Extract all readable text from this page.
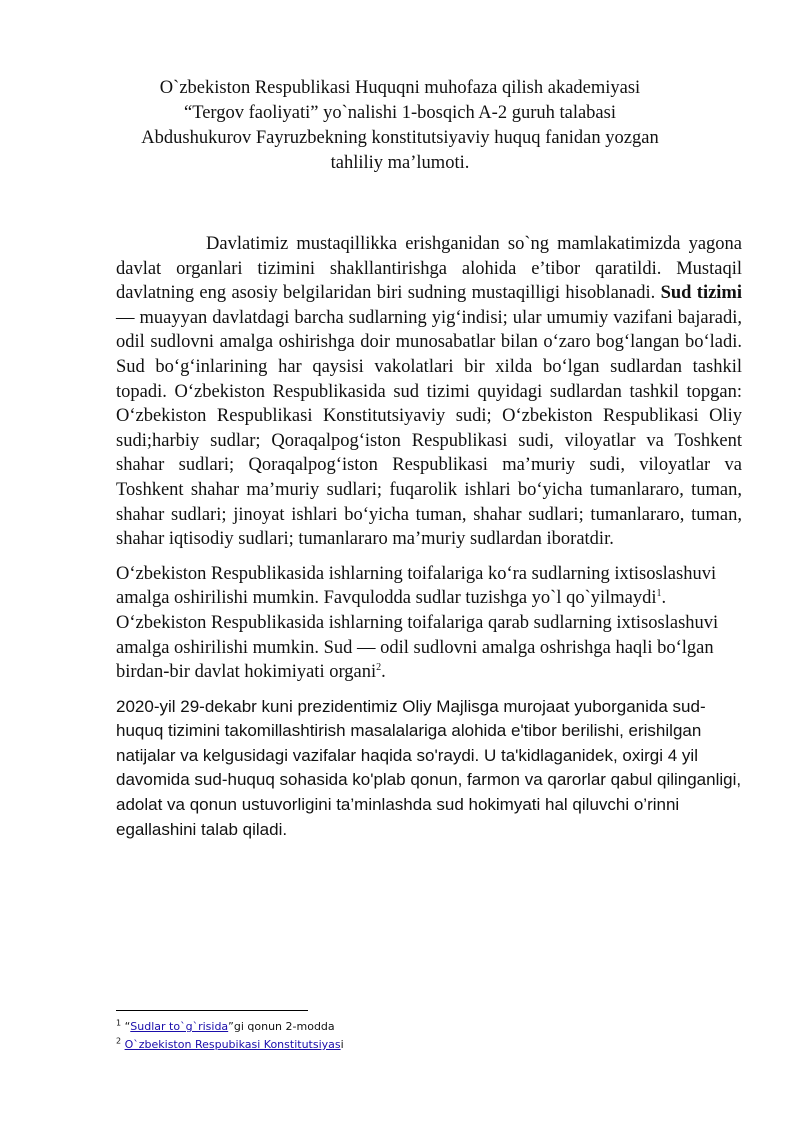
O`zbekiston Respublikasi Huquqni muhofaza qilish akademiyasi
“Tergov faoliyati” yo`nalishi 1-bosqich A-2 guruh talabasi
Abdushukurov Fayruzbekning konstitutsiyaviy huquq fanidan yozgan
tahliliy ma’lumoti.

Davlatimiz mustaqillikka erishganidan so`ng mamlakatimizda yagona davlat organlari tizimini shakllantirishga alohida e’tibor qaratildi. Mustaqil davlatning eng asosiy belgilaridan biri sudning mustaqilligi hisoblanadi. Sud tizimi — muayyan davlatdagi barcha sudlarning yig‘indisi; ular umumiy vazifani bajaradi, odil sudlovni amalga oshirishga doir munosabatlar bilan o‘zaro bog‘langan bo‘ladi. Sud bo‘g‘inlarining har qaysisi vakolatlari bir xilda bo‘lgan sudlardan tashkil topadi. O‘zbekiston Respublikasida sud tizimi quyidagi sudlardan tashkil topgan: O‘zbekiston Respublikasi Konstitutsiyaviy sudi; O‘zbekiston Respublikasi Oliy sudi;harbiy sudlar; Qoraqalpog‘iston Respublikasi sudi, viloyatlar va Toshkent shahar sudlari; Qoraqalpog‘iston Respublikasi ma’muriy sudi, viloyatlar va Toshkent shahar ma’muriy sudlari; fuqarolik ishlari bo‘yicha tumanlararo, tuman, shahar sudlari; jinoyat ishlari bo‘yicha tuman, shahar sudlari; tumanlararo, tuman, shahar iqtisodiy sudlari; tumanlararo ma’muriy sudlardan iboratdir.

O‘zbekiston Respublikasida ishlarning toifalariga ko‘ra sudlarning ixtisoslashuvi amalga oshirilishi mumkin. Favqulodda sudlar tuzishga yo`l qo`yilmaydi$^1$. O‘zbekiston Respublikasida ishlarning toifalariga qarab sudlarning ixtisoslashuvi amalga oshirilishi mumkin. Sud — odil sudlovni amalga oshrishga haqli bo‘lgan birdan-bir davlat hokimiyati organi$^2$.

2020-yil 29-dekabr kuni prezidentimiz Oliy Majlisga murojaat yuborganida sud-huquq tizimini takomillashtirish masalalariga alohida e'tibor berilishi, erishilgan natijalar va kelgusidagi vazifalar haqida so'raydi. U ta'kidlaganidek, oxirgi 4 yil davomida sud-huquq sohasida ko'plab qonun, farmon va qarorlar qabul qilinganligi, adolat va qonun ustuvorligini ta’minlashda sud hokimyati hal qiluvchi o’rinni egallashini talab qiladi.

$^1$ “Sudlar to`g`risida”gi qonun 2-modda

$^2$ O`zbekiston Respubikasi Konstitutsiyasi
